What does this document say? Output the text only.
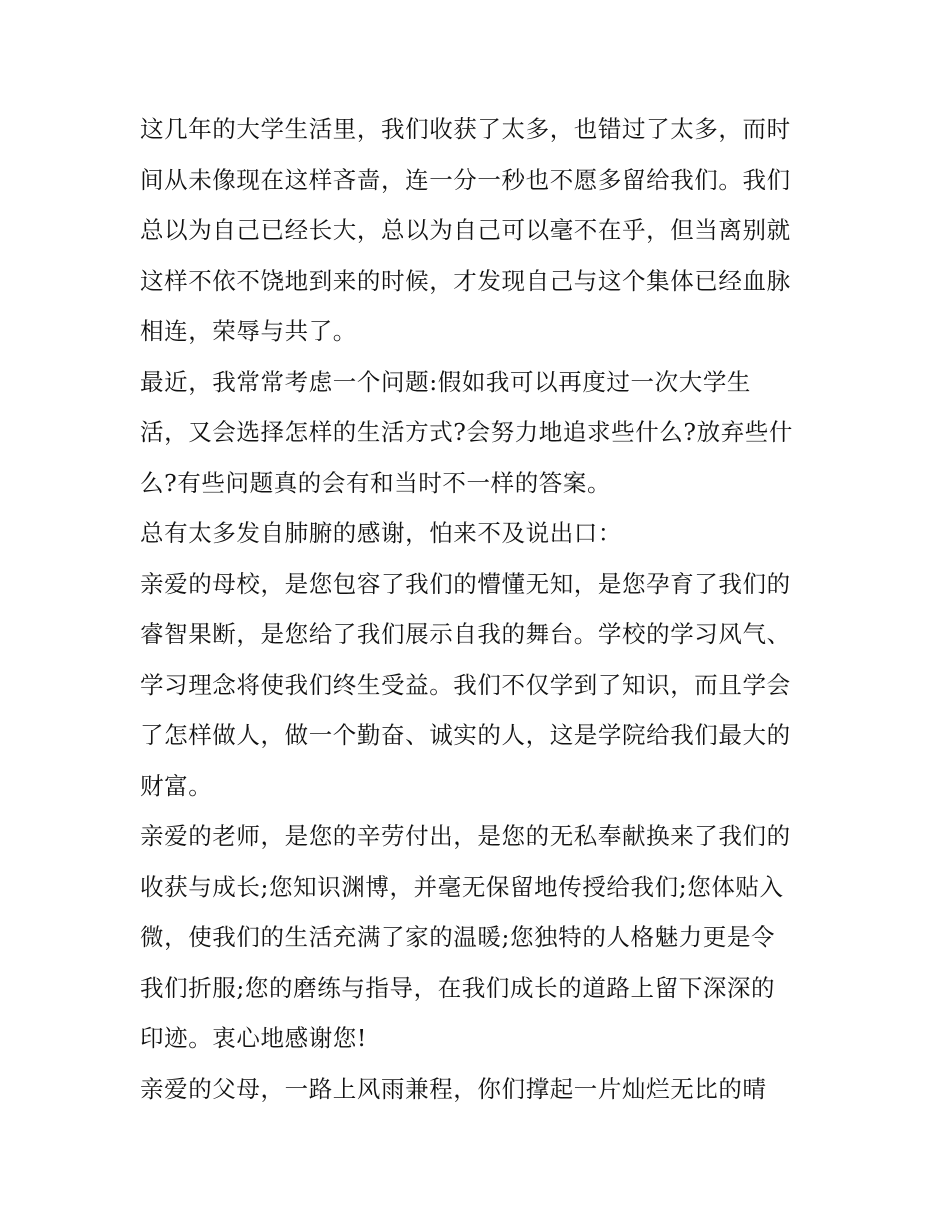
这几年的大学生活里，我们收获了太多，也错过了太多，而时
间从未像现在这样吝啬，连一分一秒也不愿多留给我们。我们
总以为自己已经长大，总以为自己可以毫不在乎，但当离别就
这样不依不饶地到来的时候，才发现自己与这个集体已经血脉
相连，荣辱与共了。
最近，我常常考虑一个问题:假如我可以再度过一次大学生
活，又会选择怎样的生活方式?会努力地追求些什么?放弃些什
么?有些问题真的会有和当时不一样的答案。
总有太多发自肺腑的感谢，怕来不及说出口：
亲爱的母校，是您包容了我们的懵懂无知，是您孕育了我们的
睿智果断，是您给了我们展示自我的舞台。学校的学习风气、
学习理念将使我们终生受益。我们不仅学到了知识，而且学会
了怎样做人，做一个勤奋、诚实的人，这是学院给我们最大的
财富。
亲爱的老师，是您的辛劳付出，是您的无私奉献换来了我们的
收获与成长;您知识渊博，并毫无保留地传授给我们;您体贴入
微，使我们的生活充满了家的温暖;您独特的人格魅力更是令
我们折服;您的磨练与指导，在我们成长的道路上留下深深的
印迹。衷心地感谢您!
亲爱的父母，一路上风雨兼程，你们撑起一片灿烂无比的晴
